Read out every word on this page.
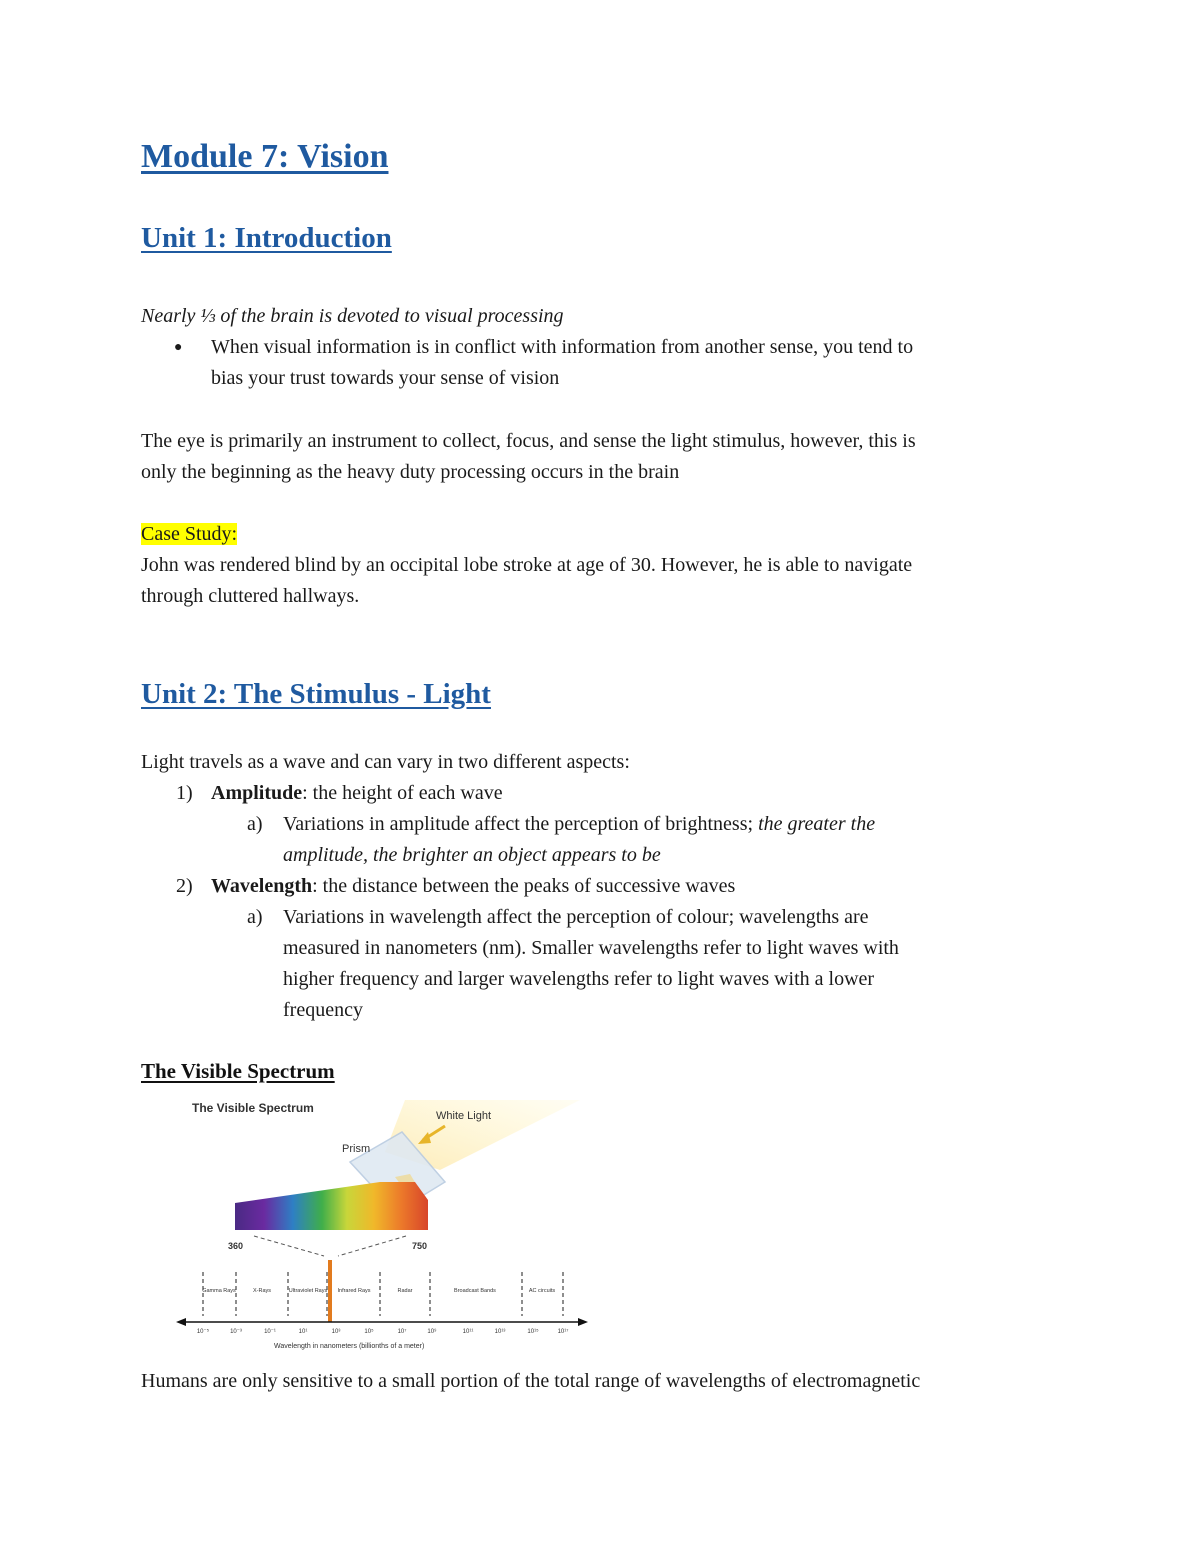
Module 7: Vision
Unit 1: Introduction

Nearly ⅓ of the brain is devoted to visual processing

● When visual information is in conflict with information from another sense, you tend to

bias your trust towards your sense of vision

The eye is primarily an instrument to collect, focus, and sense the light stimulus, however, this is

only the beginning as the heavy duty processing occurs in the brain

Case Study:

John was rendered blind by an occipital lobe stroke at age of 30. However, he is able to navigate

through cluttered hallways.

Unit 2: The Stimulus - Light

Light travels as a wave and can vary in two different aspects:

1) Amplitude: the height of each wave

a) Variations in amplitude affect the perception of brightness; the greater the

amplitude, the brighter an object appears to be

2) Wavelength: the distance between the peaks of successive waves

a) Variations in wavelength affect the perception of colour; wavelengths are

measured in nanometers (nm). Smaller wavelengths refer to light waves with

higher frequency and larger wavelengths refer to light waves with a lower

frequency

The Visible Spectrum

The Visible Spectrum
White Light
Prism
360	750
Gamma Rays	X-Rays	Ultraviolet Rays Infrared Rays	Radar	Broadcast Bands	AC circuits
10⁻⁵	10⁻³	10⁻¹	10¹	10³	10⁵	10⁷	10⁹	10¹¹	10¹³	10¹⁵	10¹⁷
Wavelength in nanometers (billionths of a meter)

Humans are only sensitive to a small portion of the total range of wavelengths of electromagnetic
